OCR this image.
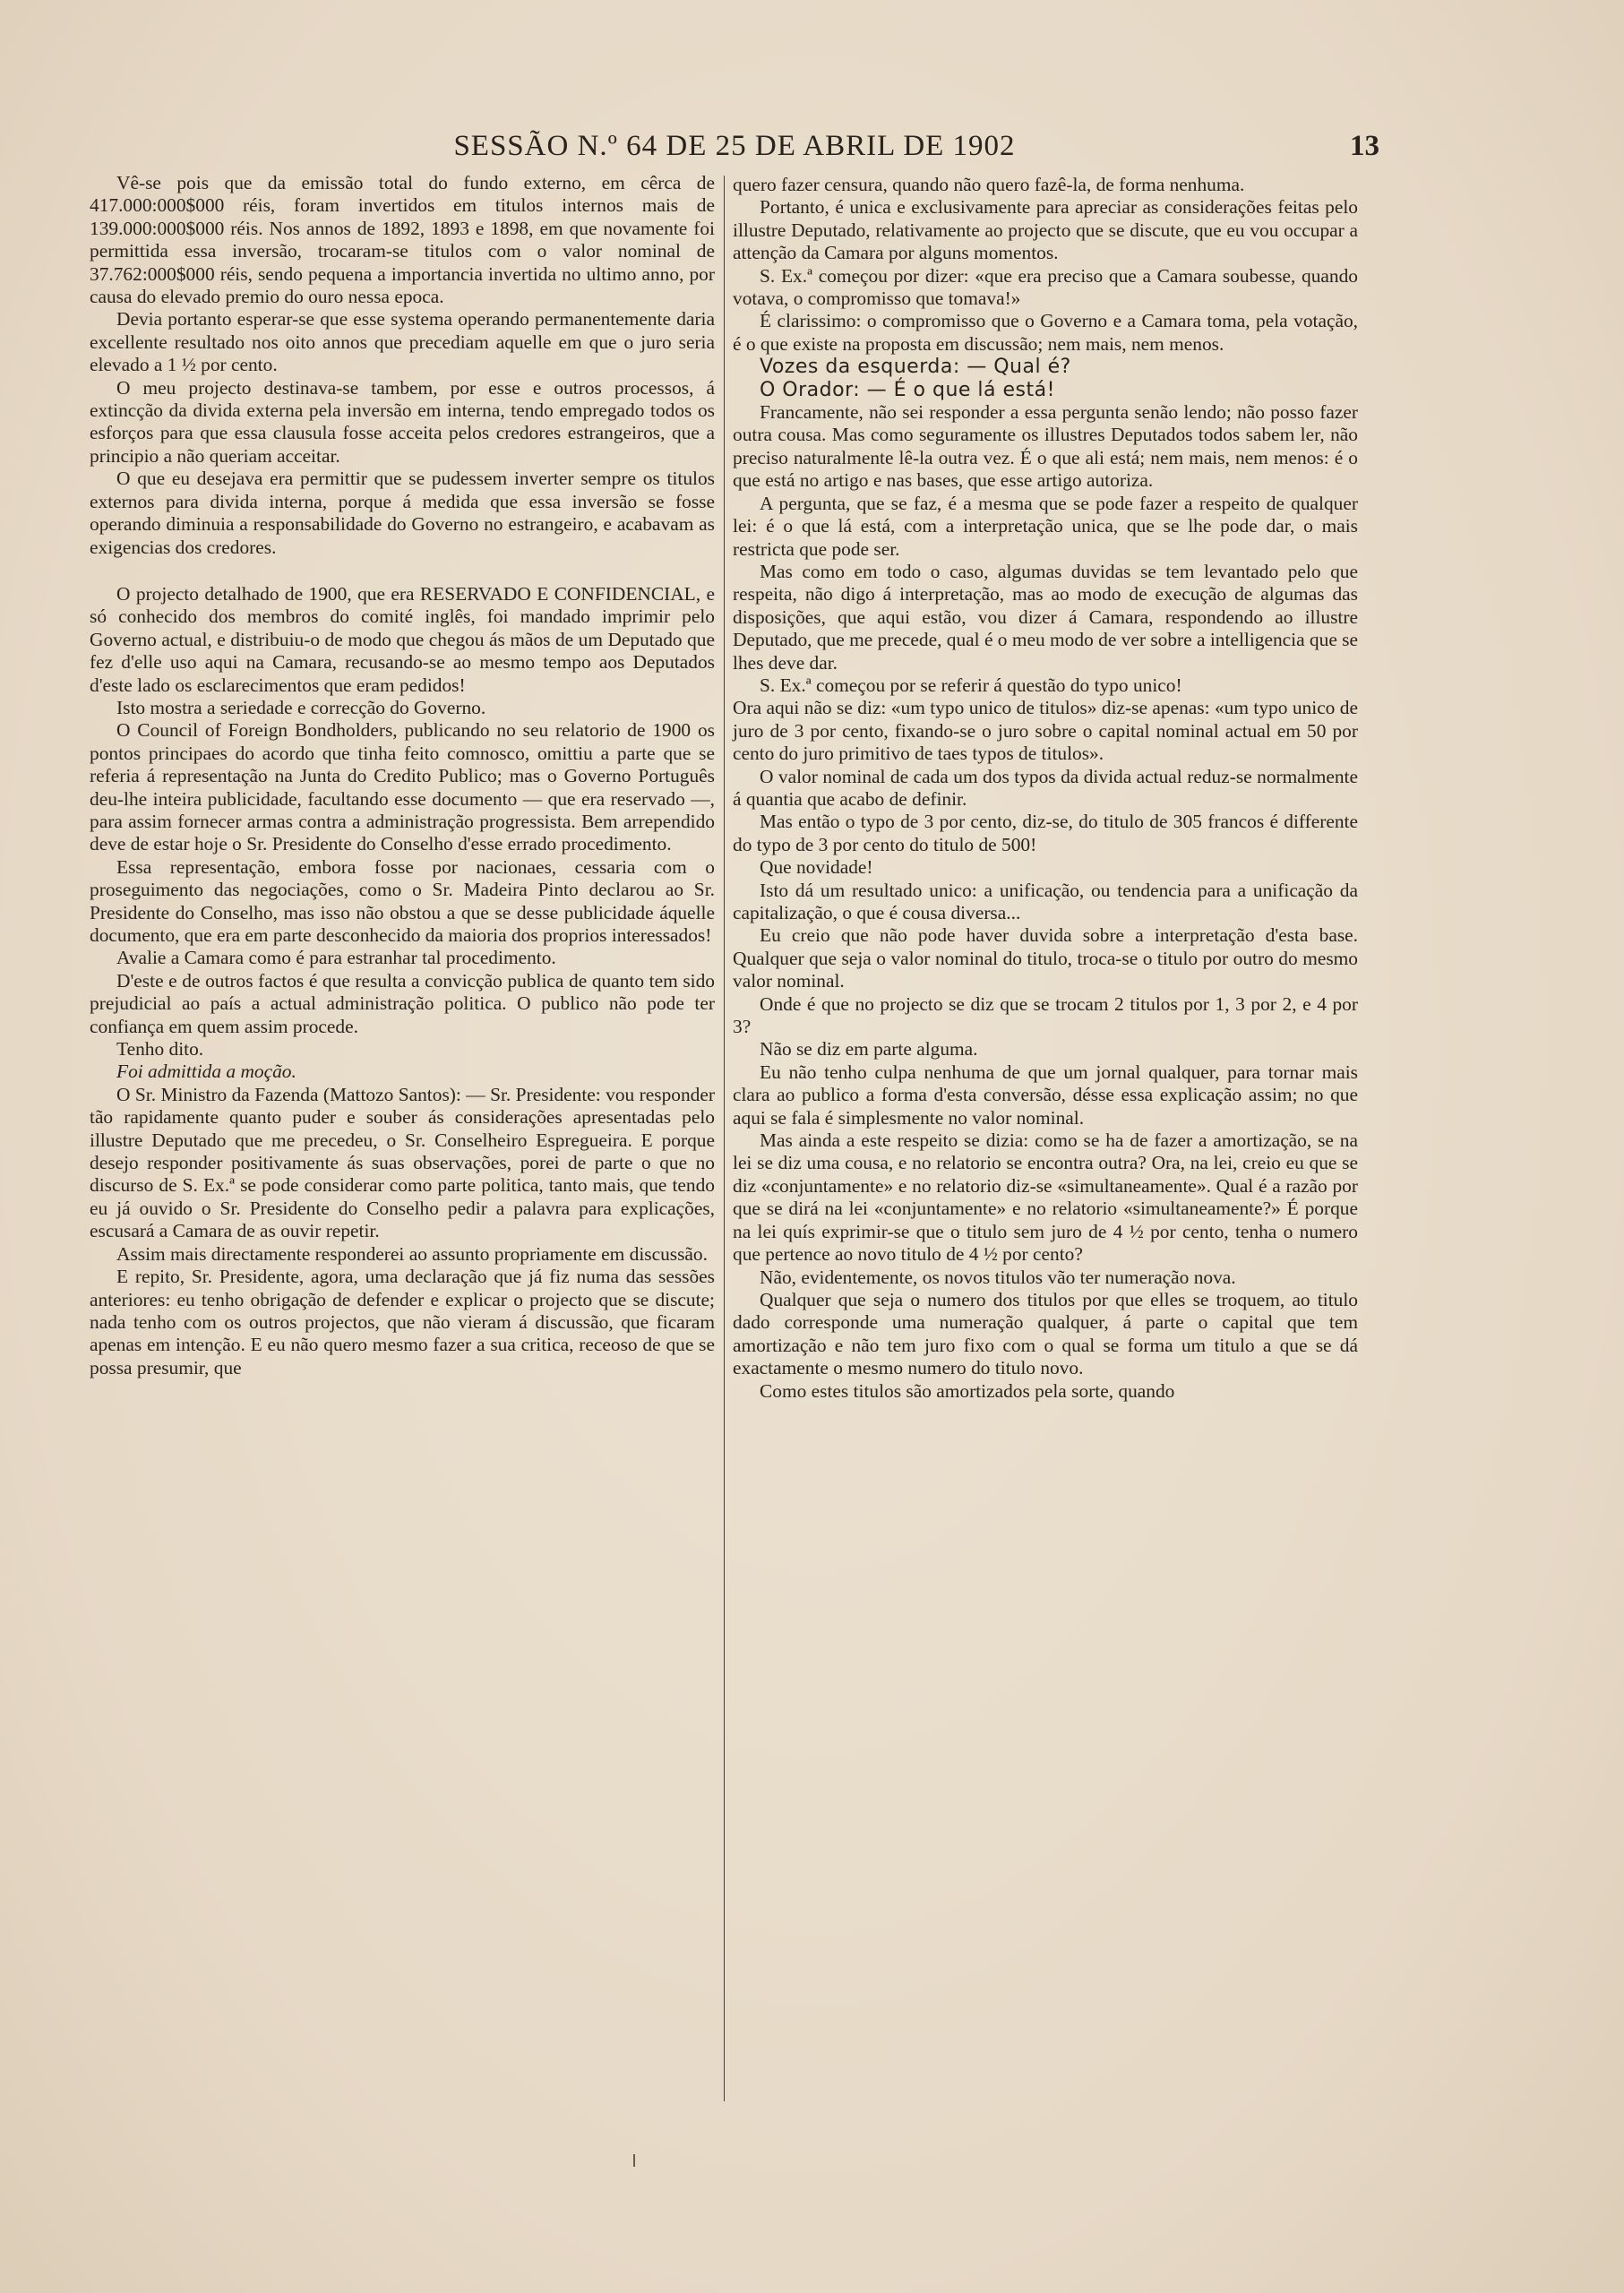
SESSÃO N.º 64 DE 25 DE ABRIL DE 1902	13

Vê-se pois que da emissão total do fundo externo, em cêrca de 417.000:000$000 réis, foram invertidos em titulos internos mais de 139.000:000$000 réis. Nos annos de 1892, 1893 e 1898, em que novamente foi permittida essa inversão, trocaram-se titulos com o valor nominal de 37.762:000$000 réis, sendo pequena a importancia invertida no ultimo anno, por causa do elevado premio do ouro nessa epoca.

Devia portanto esperar-se que esse systema operando permanentemente daria excellente resultado nos oito annos que precediam aquelle em que o juro seria elevado a 1 ½ por cento.

O meu projecto destinava-se tambem, por esse e outros processos, á extincção da divida externa pela inversão em interna, tendo empregado todos os esforços para que essa clausula fosse acceita pelos credores estrangeiros, que a principio a não queriam acceitar.

O que eu desejava era permittir que se pudessem inverter sempre os titulos externos para divida interna, porque á medida que essa inversão se fosse operando diminuia a responsabilidade do Governo no estrangeiro, e acabavam as exigencias dos credores.

O projecto detalhado de 1900, que era RESERVADO E CONFIDENCIAL, e só conhecido dos membros do comité inglês, foi mandado imprimir pelo Governo actual, e distribuiu-o de modo que chegou ás mãos de um Deputado que fez d'elle uso aqui na Camara, recusando-se ao mesmo tempo aos Deputados d'este lado os esclarecimentos que eram pedidos!

Isto mostra a seriedade e correcção do Governo.

O Council of Foreign Bondholders, publicando no seu relatorio de 1900 os pontos principaes do acordo que tinha feito comnosco, omittiu a parte que se referia á representação na Junta do Credito Publico; mas o Governo Português deu-lhe inteira publicidade, facultando esse documento — que era reservado —, para assim fornecer armas contra a administração progressista. Bem arrependido deve de estar hoje o Sr. Presidente do Conselho d'esse errado procedimento.

Essa representação, embora fosse por nacionaes, cessaria com o proseguimento das negociações, como o Sr. Madeira Pinto declarou ao Sr. Presidente do Conselho, mas isso não obstou a que se desse publicidade áquelle documento, que era em parte desconhecido da maioria dos proprios interessados!

Avalie a Camara como é para estranhar tal procedimento.

D'este e de outros factos é que resulta a convicção publica de quanto tem sido prejudicial ao país a actual administração politica. O publico não pode ter confiança em quem assim procede.

Tenho dito.

Foi admittida a moção.

O Sr. Ministro da Fazenda (Mattozo Santos): — Sr. Presidente: vou responder tão rapidamente quanto puder e souber ás considerações apresentadas pelo illustre Deputado que me precedeu, o Sr. Conselheiro Espregueira. E porque desejo responder positivamente ás suas observações, porei de parte o que no discurso de S. Ex.ª se pode considerar como parte politica, tanto mais, que tendo eu já ouvido o Sr. Presidente do Conselho pedir a palavra para explicações, escusará a Camara de as ouvir repetir.

Assim mais directamente responderei ao assunto propriamente em discussão.

E repito, Sr. Presidente, agora, uma declaração que já fiz numa das sessões anteriores: eu tenho obrigação de defender e explicar o projecto que se discute; nada tenho com os outros projectos, que não vieram á discussão, que ficaram apenas em intenção. E eu não quero mesmo fazer a sua critica, receoso de que se possa presumir, que

quero fazer censura, quando não quero fazê-la, de forma nenhuma.

Portanto, é unica e exclusivamente para apreciar as considerações feitas pelo illustre Deputado, relativamente ao projecto que se discute, que eu vou occupar a attenção da Camara por alguns momentos.

S. Ex.ª começou por dizer: «que era preciso que a Camara soubesse, quando votava, o compromisso que tomava!»

É clarissimo: o compromisso que o Governo e a Camara toma, pela votação, é o que existe na proposta em discussão; nem mais, nem menos.

Vozes da esquerda: — Qual é?

O Orador: — É o que lá está!

Francamente, não sei responder a essa pergunta senão lendo; não posso fazer outra cousa. Mas como seguramente os illustres Deputados todos sabem ler, não preciso naturalmente lê-la outra vez. É o que ali está; nem mais, nem menos: é o que está no artigo e nas bases, que esse artigo autoriza.

A pergunta, que se faz, é a mesma que se pode fazer a respeito de qualquer lei: é o que lá está, com a interpretação unica, que se lhe pode dar, o mais restricta que pode ser.

Mas como em todo o caso, algumas duvidas se tem levantado pelo que respeita, não digo á interpretação, mas ao modo de execução de algumas das disposições, que aqui estão, vou dizer á Camara, respondendo ao illustre Deputado, que me precede, qual é o meu modo de ver sobre a intelligencia que se lhes deve dar.

S. Ex.ª começou por se referir á questão do typo unico!

Ora aqui não se diz: «um typo unico de titulos» diz-se apenas: «um typo unico de juro de 3 por cento, fixando-se o juro sobre o capital nominal actual em 50 por cento do juro primitivo de taes typos de titulos».

O valor nominal de cada um dos typos da divida actual reduz-se normalmente á quantia que acabo de definir.

Mas então o typo de 3 por cento, diz-se, do titulo de 305 francos é differente do typo de 3 por cento do titulo de 500!

Que novidade!

Isto dá um resultado unico: a unificação, ou tendencia para a unificação da capitalização, o que é cousa diversa...

Eu creio que não pode haver duvida sobre a interpretação d'esta base. Qualquer que seja o valor nominal do titulo, troca-se o titulo por outro do mesmo valor nominal.

Onde é que no projecto se diz que se trocam 2 titulos por 1, 3 por 2, e 4 por 3?

Não se diz em parte alguma.

Eu não tenho culpa nenhuma de que um jornal qualquer, para tornar mais clara ao publico a forma d'esta conversão, désse essa explicação assim; no que aqui se fala é simplesmente no valor nominal.

Mas ainda a este respeito se dizia: como se ha de fazer a amortização, se na lei se diz uma cousa, e no relatorio se encontra outra? Ora, na lei, creio eu que se diz «conjuntamente» e no relatorio diz-se «simultaneamente». Qual é a razão por que se dirá na lei «conjuntamente» e no relatorio «simultaneamente?» É porque na lei quís exprimir-se que o titulo sem juro de 4 ½ por cento, tenha o numero que pertence ao novo titulo de 4 ½ por cento?

Não, evidentemente, os novos titulos vão ter numeração nova.

Qualquer que seja o numero dos titulos por que elles se troquem, ao titulo dado corresponde uma numeração qualquer, á parte o capital que tem amortização e não tem juro fixo com o qual se forma um titulo a que se dá exactamente o mesmo numero do titulo novo.

Como estes titulos são amortizados pela sorte, quando
